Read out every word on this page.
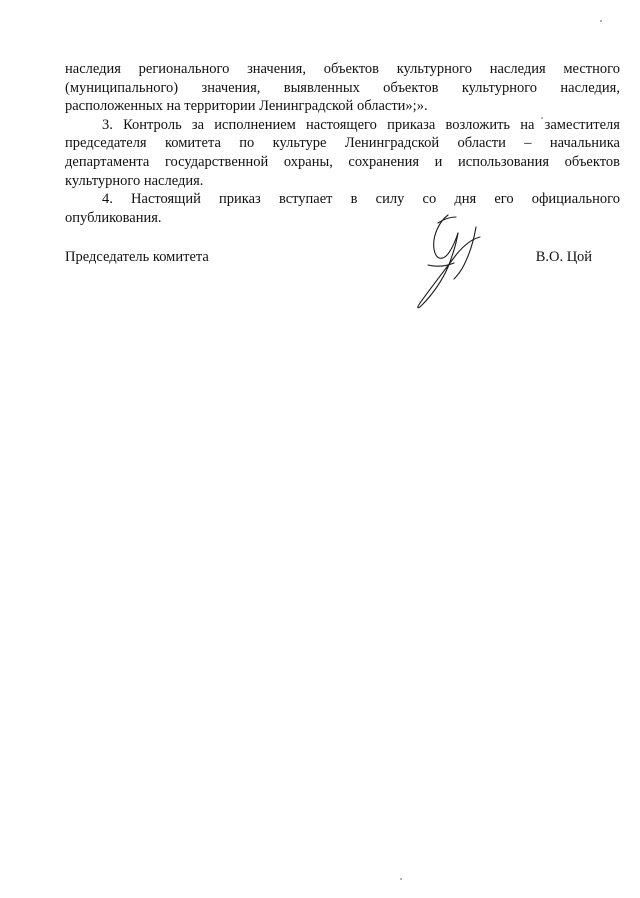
наследия регионального значения, объектов культурного наследия местного
(муниципального) значения, выявленных объектов культурного наследия,
расположенных на территории Ленинградской области»;».
3. Контроль за исполнением настоящего приказа возложить на заместителя
председателя комитета по культуре Ленинградской области – начальника
департамента государственной охраны, сохранения и использования объектов
культурного наследия.
4. Настоящий приказ вступает в силу со дня его официального
опубликования.
Председатель комитета	В.О. Цой
